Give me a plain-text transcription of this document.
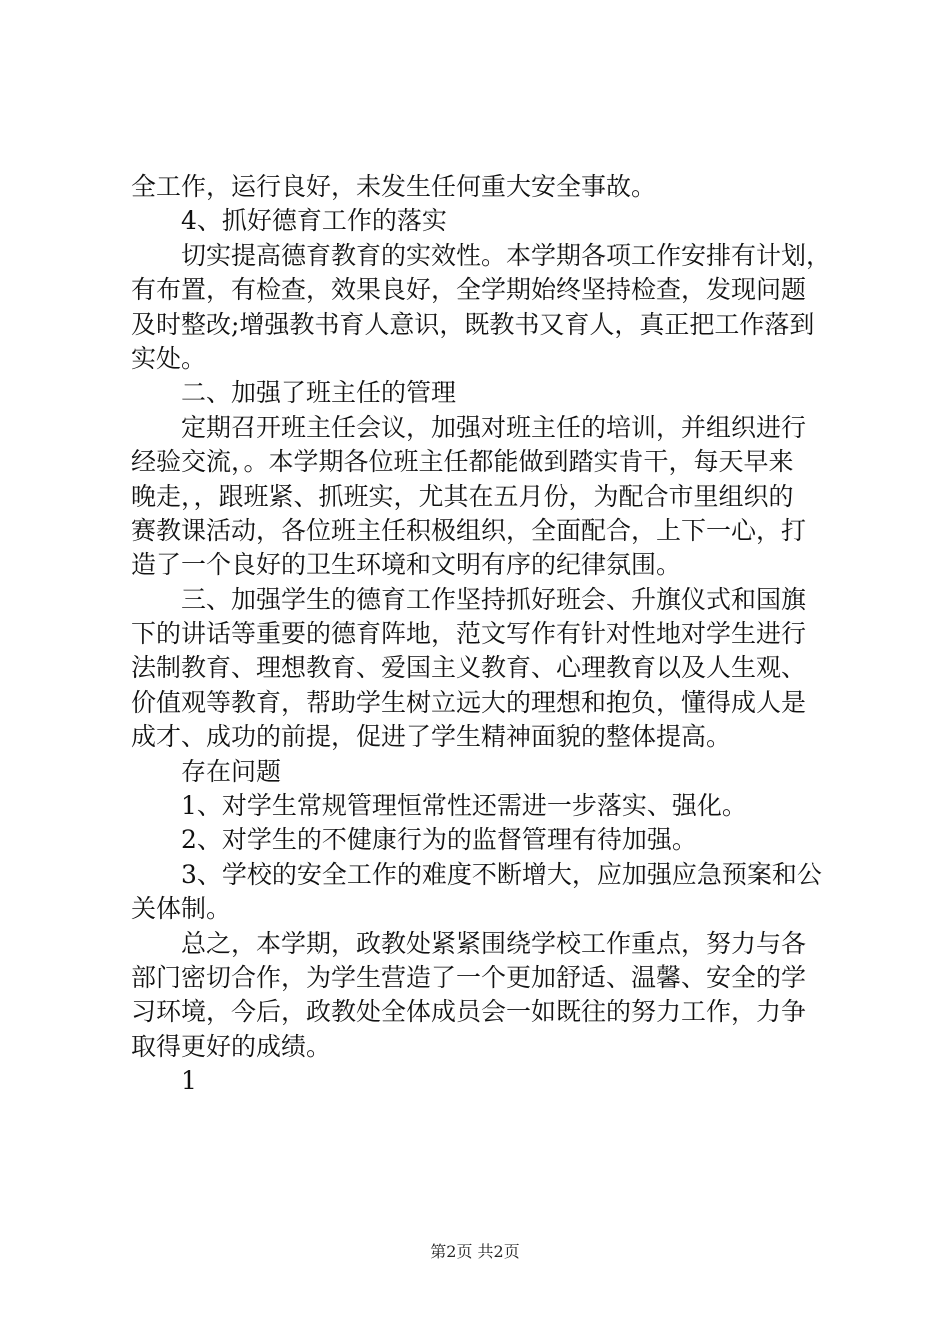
全工作，运行良好，未发生任何重大安全事故。
4、抓好德育工作的落实
切实提高德育教育的实效性。本学期各项工作安排有计划，
有布置，有检查，效果良好，全学期始终坚持检查，发现问题
及时整改;增强教书育人意识，既教书又育人，真正把工作落到
实处。
二、加强了班主任的管理
定期召开班主任会议，加强对班主任的培训，并组织进行
经验交流，。本学期各位班主任都能做到踏实肯干，每天早来
晚走，，跟班紧、抓班实，尤其在五月份，为配合市里组织的
赛教课活动，各位班主任积极组织，全面配合，上下一心，打
造了一个良好的卫生环境和文明有序的纪律氛围。
三、加强学生的德育工作坚持抓好班会、升旗仪式和国旗
下的讲话等重要的德育阵地，范文写作有针对性地对学生进行
法制教育、理想教育、爱国主义教育、心理教育以及人生观、
价值观等教育，帮助学生树立远大的理想和抱负，懂得成人是
成才、成功的前提，促进了学生精神面貌的整体提高。
存在问题
1、对学生常规管理恒常性还需进一步落实、强化。
2、对学生的不健康行为的监督管理有待加强。
3、学校的安全工作的难度不断增大，应加强应急预案和公
关体制。
总之，本学期，政教处紧紧围绕学校工作重点，努力与各
部门密切合作，为学生营造了一个更加舒适、温馨、安全的学
习环境，今后，政教处全体成员会一如既往的努力工作，力争
取得更好的成绩。
1
第2页 共2页
